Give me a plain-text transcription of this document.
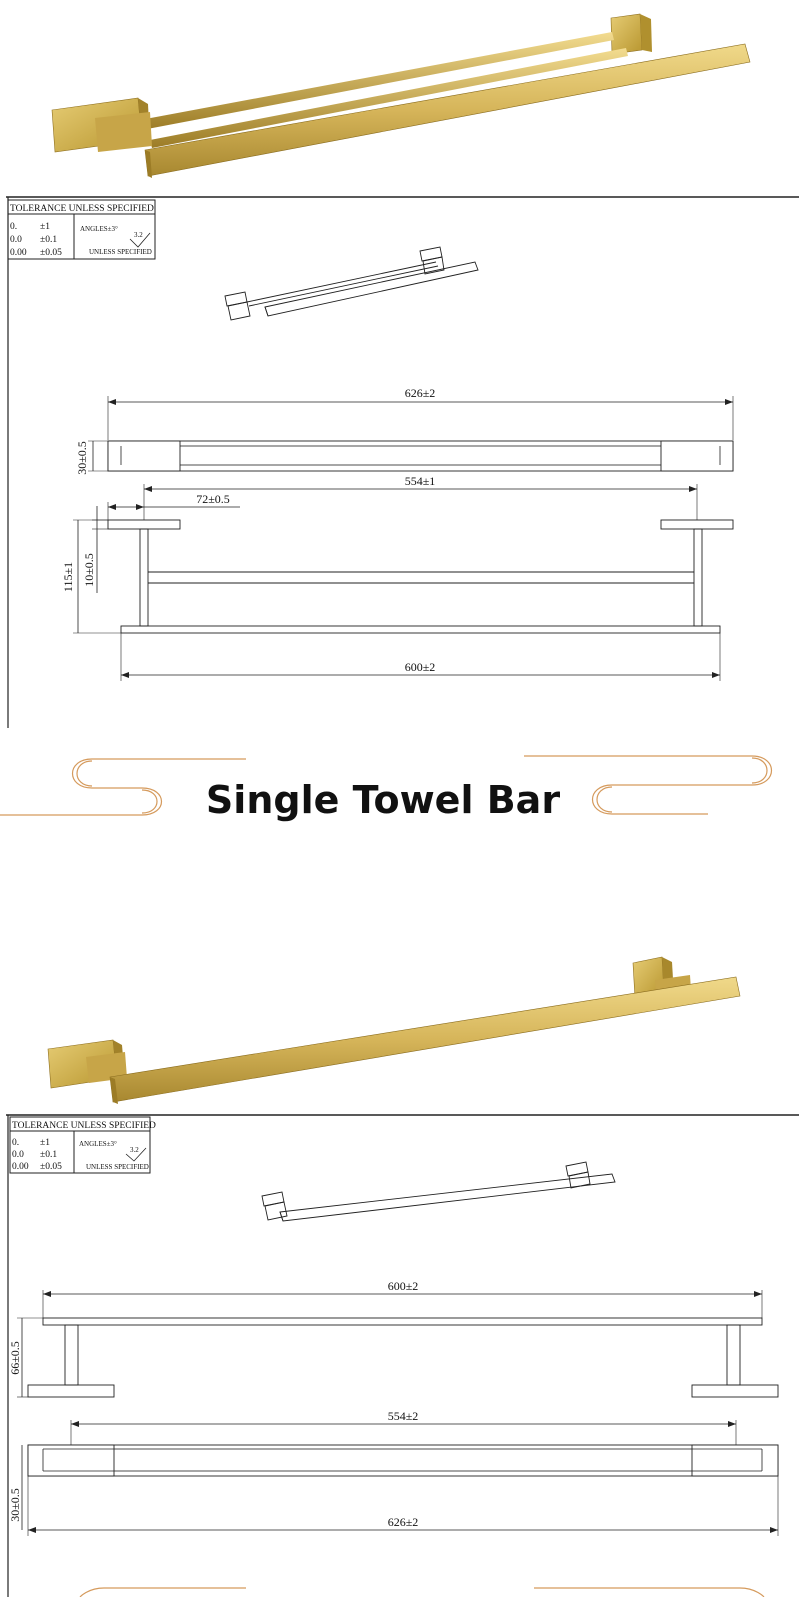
TOLERANCE UNLESS SPECIFIED
0. ±1
0.0 ±0.1
0.00 ±0.05
ANGLES±3°
3.2
UNLESS SPECIFIED
626±2
30±0.5
554±1
72±0.5
115±1 10±0.5
600±2
Single Towel Bar
TOLERANCE UNLESS SPECIFIED
0. ±1
0.0 ±0.1
0.00 ±0.05
ANGLES±3°
3.2
UNLESS SPECIFIED
600±2
66±0.5
554±2
30±0.5
626±2
